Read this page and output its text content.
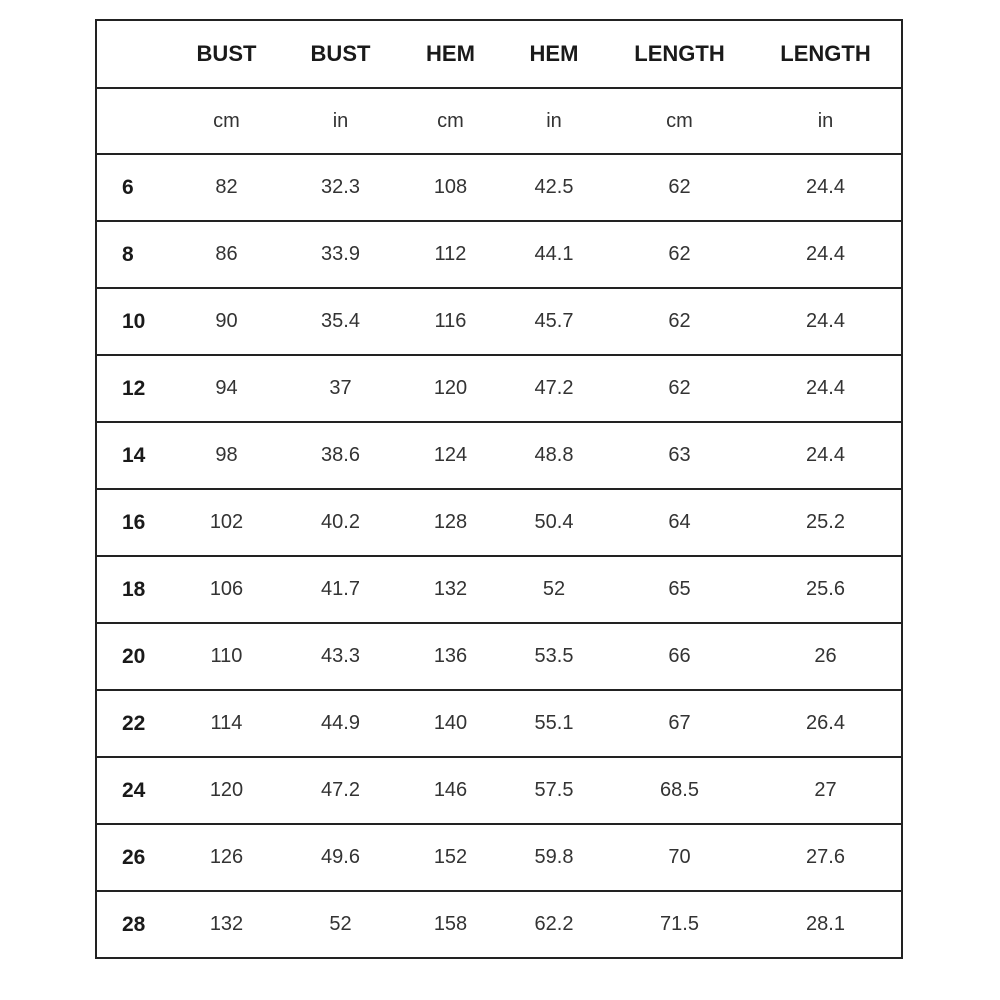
	BUST	BUST	HEM	HEM	LENGTH	LENGTH
	cm	in	cm	in	cm	in
6	82	32.3	108	42.5	62	24.4
8	86	33.9	112	44.1	62	24.4
10	90	35.4	116	45.7	62	24.4
12	94	37	120	47.2	62	24.4
14	98	38.6	124	48.8	63	24.4
16	102	40.2	128	50.4	64	25.2
18	106	41.7	132	52	65	25.6
20	110	43.3	136	53.5	66	26
22	114	44.9	140	55.1	67	26.4
24	120	47.2	146	57.5	68.5	27
26	126	49.6	152	59.8	70	27.6
28	132	52	158	62.2	71.5	28.1
